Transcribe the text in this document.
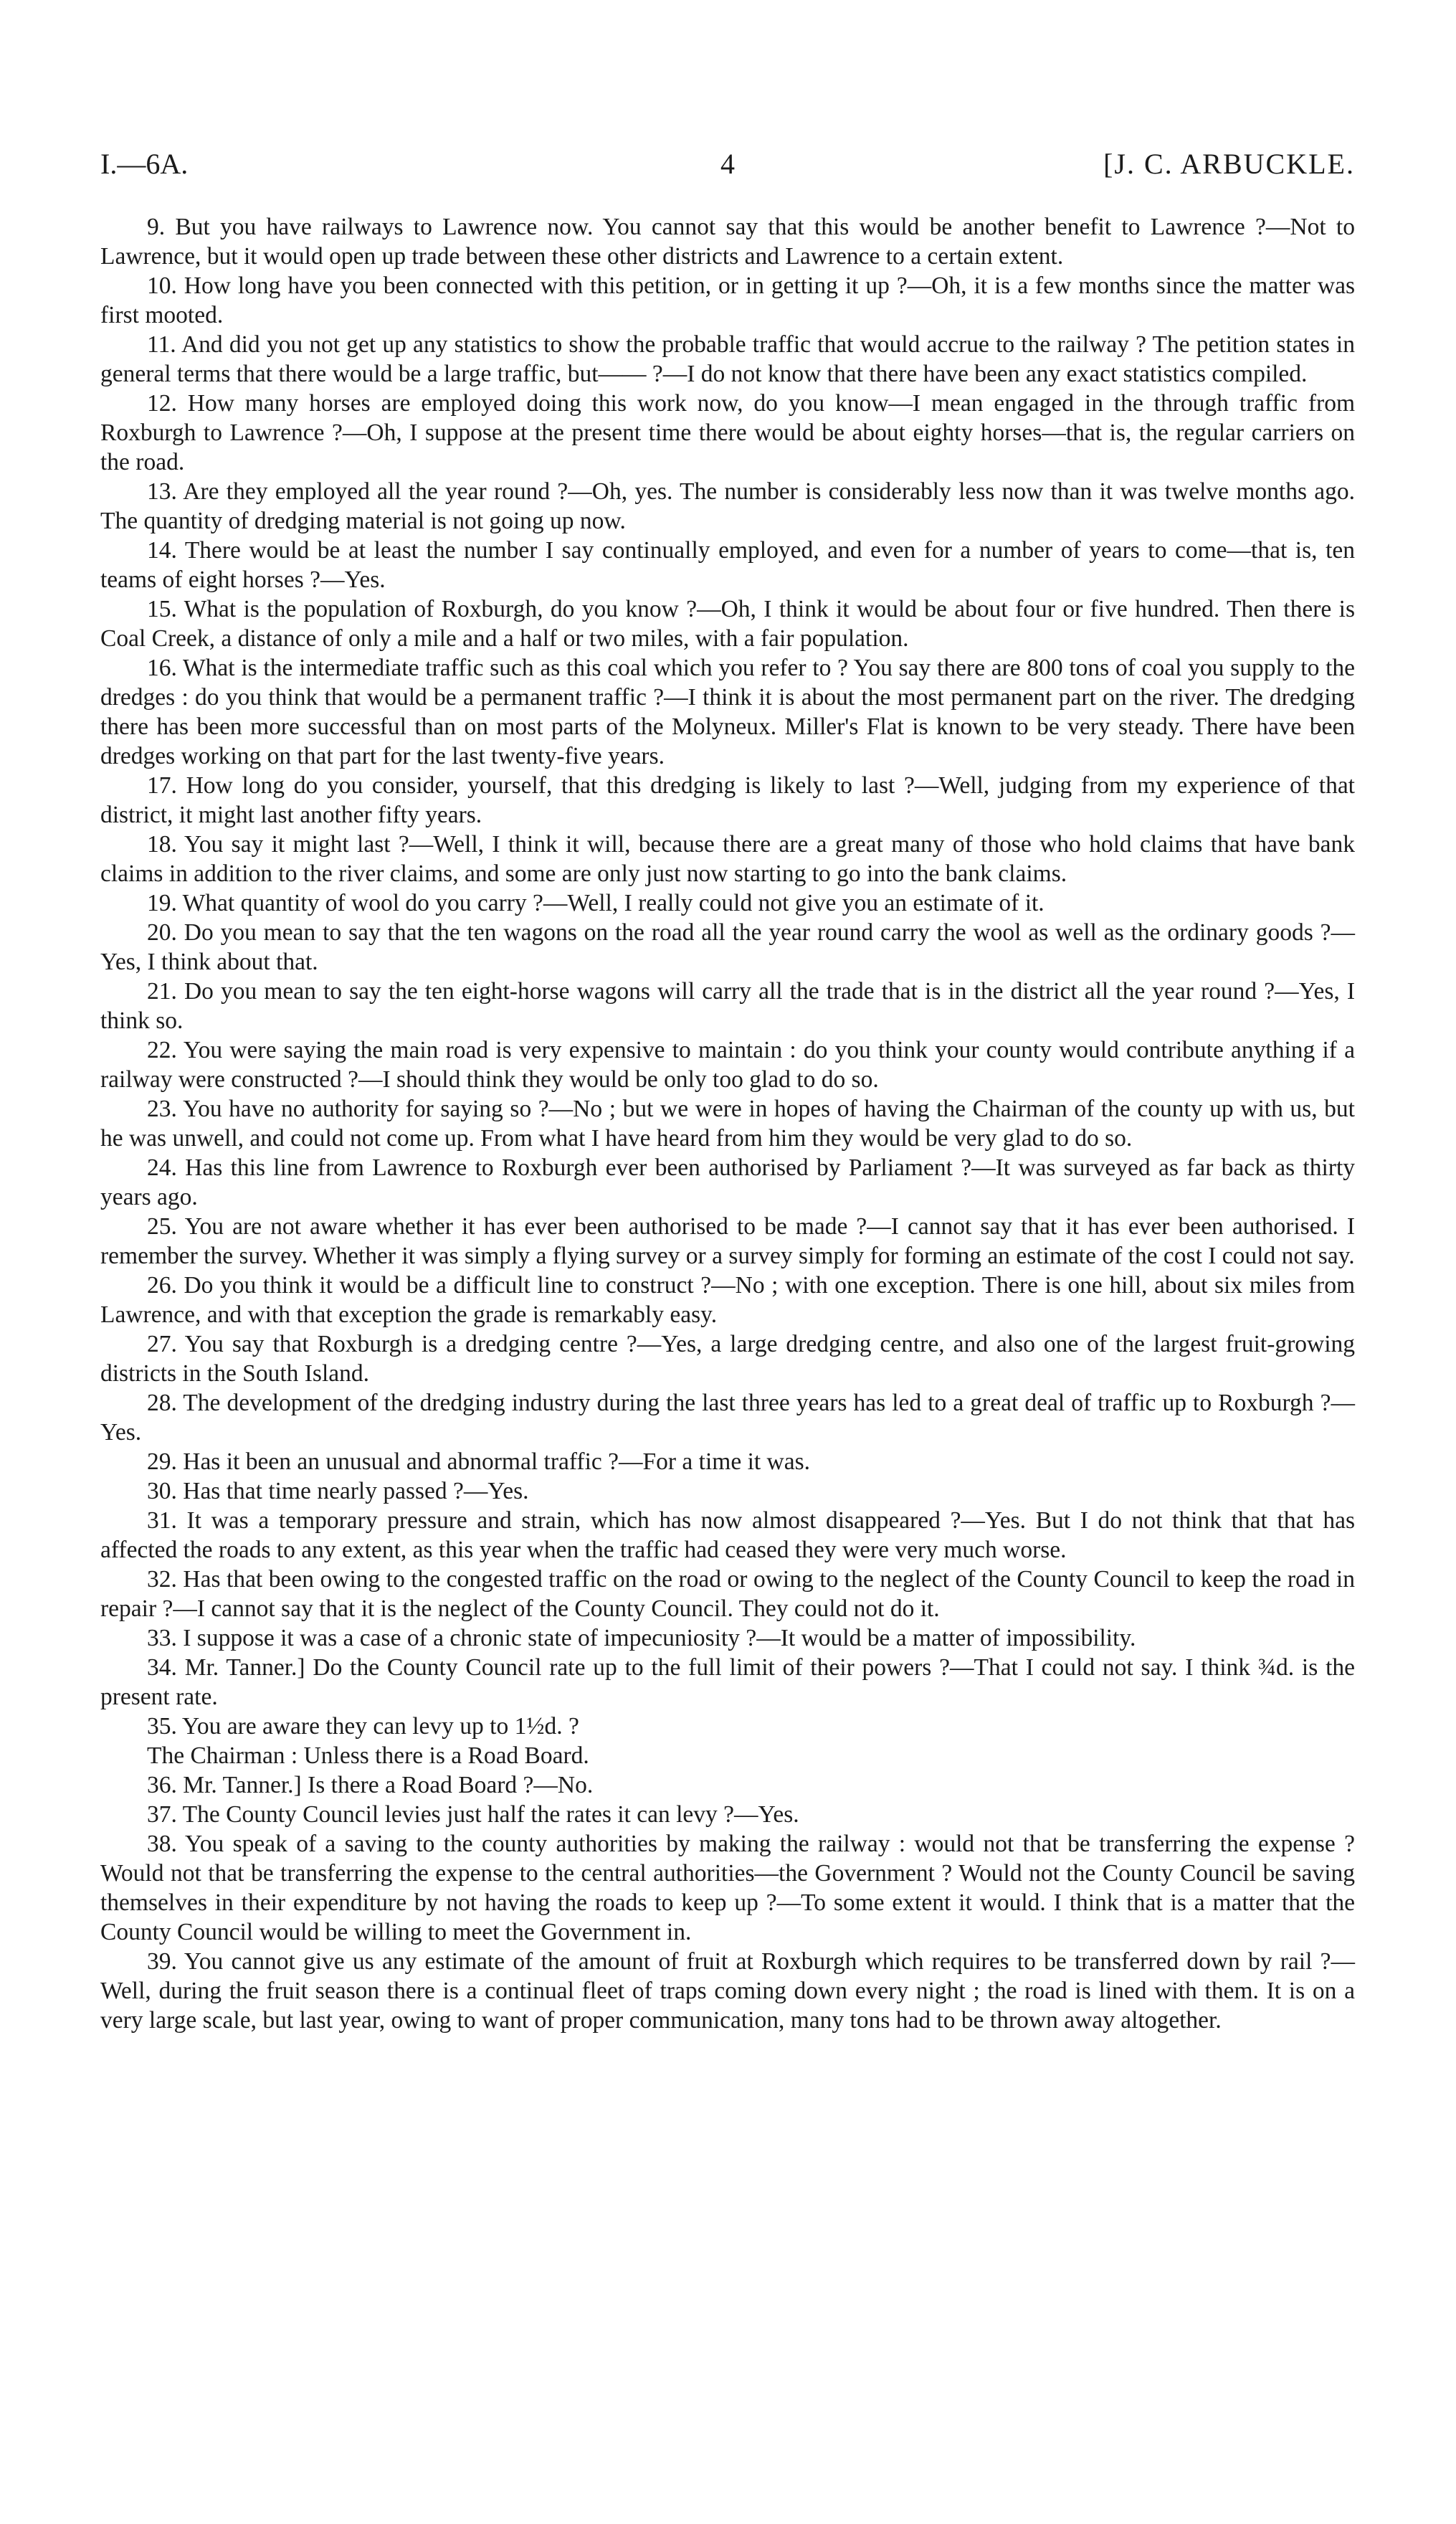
I.—6A.	4	[J. C. ARBUCKLE.

9. But you have railways to Lawrence now. You cannot say that this would be another benefit to Lawrence ?—Not to Lawrence, but it would open up trade between these other districts and Lawrence to a certain extent.

10. How long have you been connected with this petition, or in getting it up ?—Oh, it is a few months since the matter was first mooted.

11. And did you not get up any statistics to show the probable traffic that would accrue to the railway ? The petition states in general terms that there would be a large traffic, but—— ?—I do not know that there have been any exact statistics compiled.

12. How many horses are employed doing this work now, do you know—I mean engaged in the through traffic from Roxburgh to Lawrence ?—Oh, I suppose at the present time there would be about eighty horses—that is, the regular carriers on the road.

13. Are they employed all the year round ?—Oh, yes. The number is considerably less now than it was twelve months ago. The quantity of dredging material is not going up now.

14. There would be at least the number I say continually employed, and even for a number of years to come—that is, ten teams of eight horses ?—Yes.

15. What is the population of Roxburgh, do you know ?—Oh, I think it would be about four or five hundred. Then there is Coal Creek, a distance of only a mile and a half or two miles, with a fair population.

16. What is the intermediate traffic such as this coal which you refer to ? You say there are 800 tons of coal you supply to the dredges : do you think that would be a permanent traffic ?—I think it is about the most permanent part on the river. The dredging there has been more successful than on most parts of the Molyneux. Miller's Flat is known to be very steady. There have been dredges working on that part for the last twenty-five years.

17. How long do you consider, yourself, that this dredging is likely to last ?—Well, judging from my experience of that district, it might last another fifty years.

18. You say it might last ?—Well, I think it will, because there are a great many of those who hold claims that have bank claims in addition to the river claims, and some are only just now starting to go into the bank claims.

19. What quantity of wool do you carry ?—Well, I really could not give you an estimate of it.

20. Do you mean to say that the ten wagons on the road all the year round carry the wool as well as the ordinary goods ?—Yes, I think about that.

21. Do you mean to say the ten eight-horse wagons will carry all the trade that is in the district all the year round ?—Yes, I think so.

22. You were saying the main road is very expensive to maintain : do you think your county would contribute anything if a railway were constructed ?—I should think they would be only too glad to do so.

23. You have no authority for saying so ?—No ; but we were in hopes of having the Chairman of the county up with us, but he was unwell, and could not come up. From what I have heard from him they would be very glad to do so.

24. Has this line from Lawrence to Roxburgh ever been authorised by Parliament ?—It was surveyed as far back as thirty years ago.

25. You are not aware whether it has ever been authorised to be made ?—I cannot say that it has ever been authorised. I remember the survey. Whether it was simply a flying survey or a survey simply for forming an estimate of the cost I could not say.

26. Do you think it would be a difficult line to construct ?—No ; with one exception. There is one hill, about six miles from Lawrence, and with that exception the grade is remarkably easy.

27. You say that Roxburgh is a dredging centre ?—Yes, a large dredging centre, and also one of the largest fruit-growing districts in the South Island.

28. The development of the dredging industry during the last three years has led to a great deal of traffic up to Roxburgh ?—Yes.

29. Has it been an unusual and abnormal traffic ?—For a time it was.

30. Has that time nearly passed ?—Yes.

31. It was a temporary pressure and strain, which has now almost disappeared ?—Yes. But I do not think that that has affected the roads to any extent, as this year when the traffic had ceased they were very much worse.

32. Has that been owing to the congested traffic on the road or owing to the neglect of the County Council to keep the road in repair ?—I cannot say that it is the neglect of the County Council. They could not do it.

33. I suppose it was a case of a chronic state of impecuniosity ?—It would be a matter of impossibility.

34. Mr. Tanner.] Do the County Council rate up to the full limit of their powers ?—That I could not say. I think ¾d. is the present rate.

35. You are aware they can levy up to 1½d. ?

The Chairman : Unless there is a Road Board.

36. Mr. Tanner.] Is there a Road Board ?—No.

37. The County Council levies just half the rates it can levy ?—Yes.

38. You speak of a saving to the county authorities by making the railway : would not that be transferring the expense ? Would not that be transferring the expense to the central authorities—the Government ? Would not the County Council be saving themselves in their expenditure by not having the roads to keep up ?—To some extent it would. I think that is a matter that the County Council would be willing to meet the Government in.

39. You cannot give us any estimate of the amount of fruit at Roxburgh which requires to be transferred down by rail ?—Well, during the fruit season there is a continual fleet of traps coming down every night ; the road is lined with them. It is on a very large scale, but last year, owing to want of proper communication, many tons had to be thrown away altogether.
